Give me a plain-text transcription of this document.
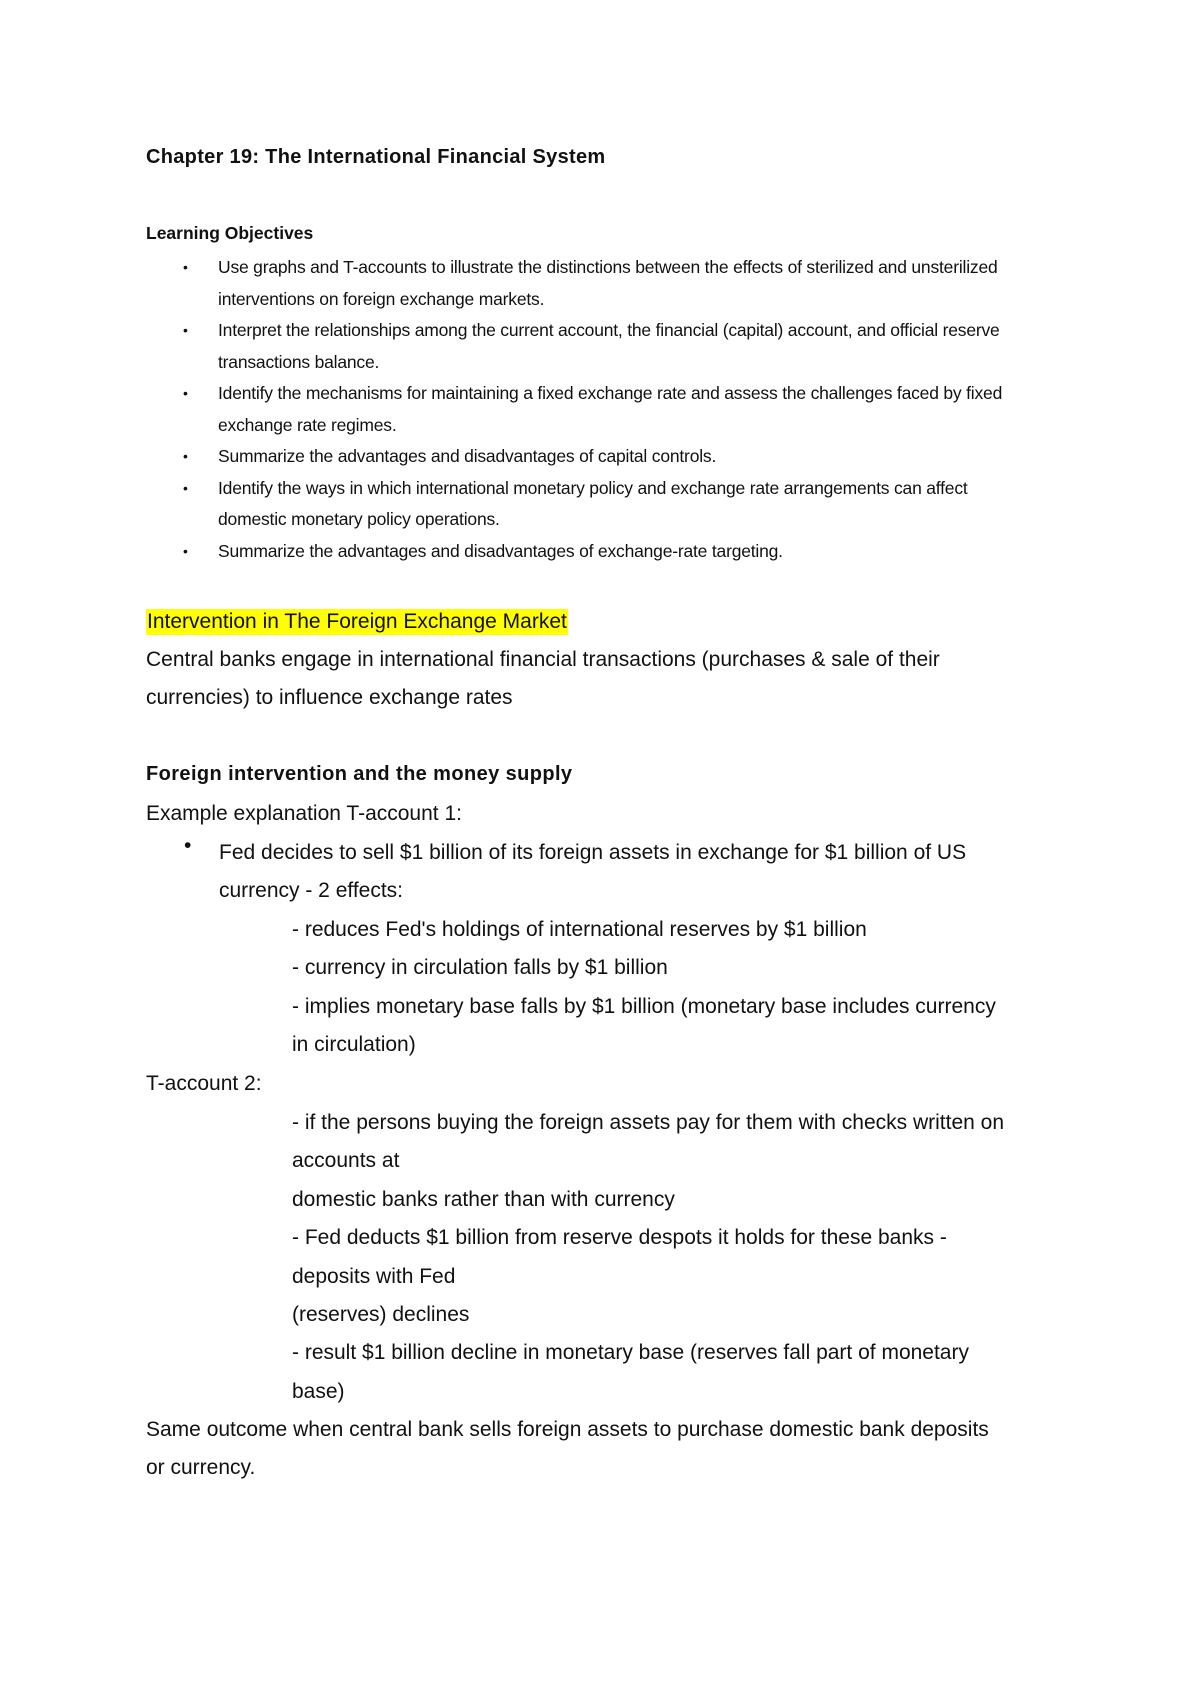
Chapter 19: The International Financial System
Learning Objectives
• Use graphs and T-accounts to illustrate the distinctions between the effects of sterilized and unsterilized
interventions on foreign exchange markets.
• Interpret the relationships among the current account, the financial (capital) account, and official reserve
transactions balance.
• Identify the mechanisms for maintaining a fixed exchange rate and assess the challenges faced by fixed
exchange rate regimes.
• Summarize the advantages and disadvantages of capital controls.
• Identify the ways in which international monetary policy and exchange rate arrangements can affect
domestic monetary policy operations.
• Summarize the advantages and disadvantages of exchange-rate targeting.
Intervention in The Foreign Exchange Market
Central banks engage in international financial transactions (purchases & sale of their
currencies) to influence exchange rates
Foreign intervention and the money supply
Example explanation T-account 1:
• Fed decides to sell $1 billion of its foreign assets in exchange for $1 billion of US
currency - 2 effects:
- reduces Fed's holdings of international reserves by $1 billion
- currency in circulation falls by $1 billion
- implies monetary base falls by $1 billion (monetary base includes currency
in circulation)
T-account 2:
- if the persons buying the foreign assets pay for them with checks written on
accounts at
domestic banks rather than with currency
- Fed deducts $1 billion from reserve despots it holds for these banks -
deposits with Fed
(reserves) declines
- result $1 billion decline in monetary base (reserves fall part of monetary
base)
Same outcome when central bank sells foreign assets to purchase domestic bank deposits
or currency.
